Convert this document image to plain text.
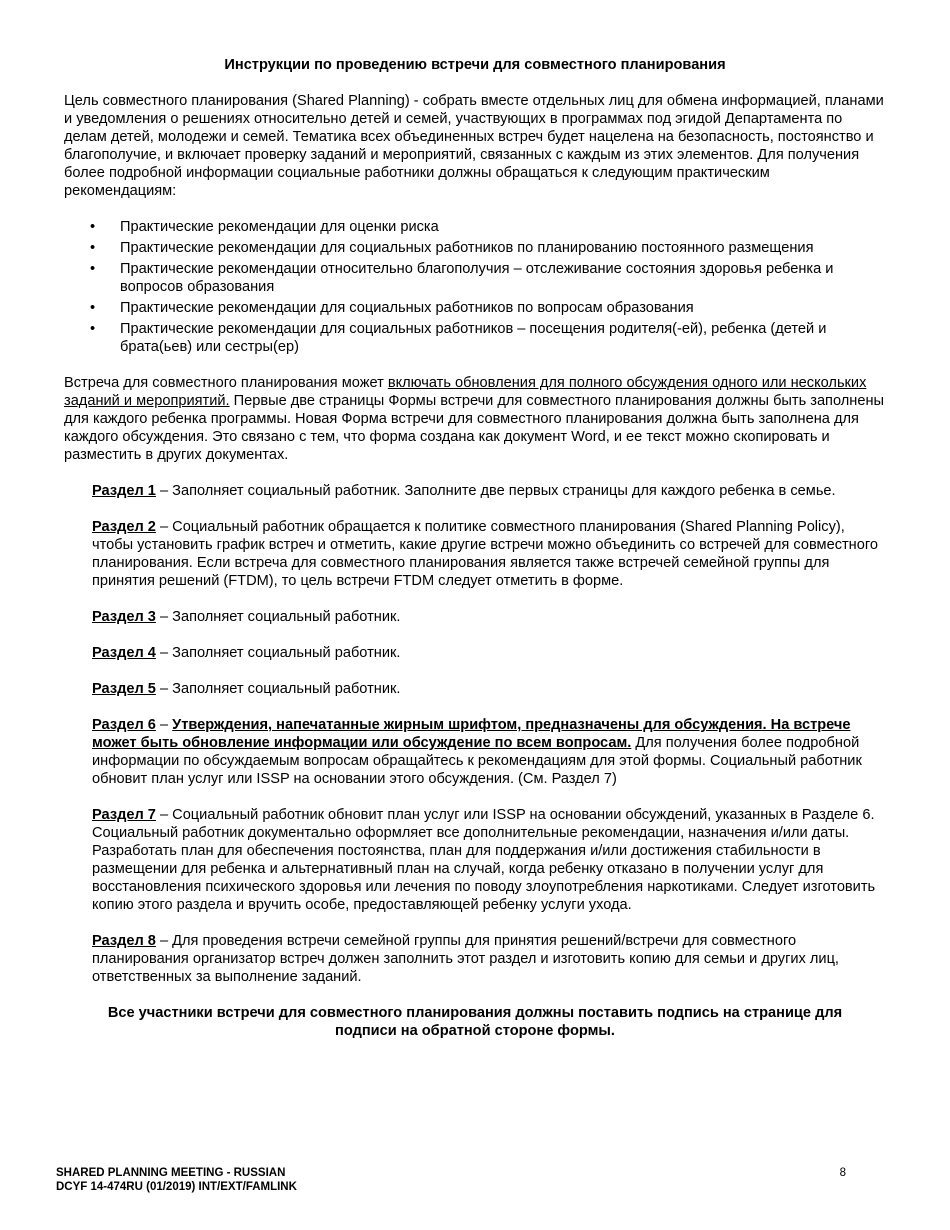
Инструкции по проведению встречи для совместного планирования

Цель совместного планирования (Shared Planning) - собрать вместе отдельных лиц для обмена информацией, планами и уведомления о решениях относительно детей и семей, участвующих в программах под эгидой Департамента по делам детей, молодежи и семей. Тематика всех объединенных встреч будет нацелена на безопасность, постоянство и благополучие, и включает проверку заданий и мероприятий, связанных с каждым из этих элементов. Для получения более подробной информации социальные работники должны обращаться к следующим практическим рекомендациям:

•	Практические рекомендации для оценки риска
•	Практические рекомендации для социальных работников по планированию постоянного размещения
•	Практические рекомендации относительно благополучия – отслеживание состояния здоровья ребенка и вопросов образования
•	Практические рекомендации для социальных работников по вопросам образования
•	Практические рекомендации для социальных работников – посещения родителя(-ей), ребенка (детей и брата(ьев) или сестры(ер)

Встреча для совместного планирования может включать обновления для полного обсуждения одного или нескольких заданий и мероприятий. Первые две страницы Формы встречи для совместного планирования должны быть заполнены для каждого ребенка программы. Новая Форма встречи для совместного планирования должна быть заполнена для каждого обсуждения. Это связано с тем, что форма создана как документ Word, и ее текст можно скопировать и разместить в других документах.

Раздел 1 – Заполняет социальный работник. Заполните две первых страницы для каждого ребенка в семье.

Раздел 2 – Социальный работник обращается к политике совместного планирования (Shared Planning Policy), чтобы установить график встреч и отметить, какие другие встречи можно объединить со встречей для совместного планирования. Если встреча для совместного планирования является также встречей семейной группы для принятия решений (FTDM), то цель встречи FTDM следует отметить в форме.

Раздел 3 – Заполняет социальный работник.

Раздел 4 – Заполняет социальный работник.

Раздел 5 – Заполняет социальный работник.

Раздел 6 – Утверждения, напечатанные жирным шрифтом, предназначены для обсуждения. На встрече может быть обновление информации или обсуждение по всем вопросам. Для получения более подробной информации по обсуждаемым вопросам обращайтесь к рекомендациям для этой формы. Социальный работник обновит план услуг или ISSP на основании этого обсуждения. (См. Раздел 7)

Раздел 7 – Социальный работник обновит план услуг или ISSP на основании обсуждений, указанных в Разделе 6. Социальный работник документально оформляет все дополнительные рекомендации, назначения и/или даты. Разработать план для обеспечения постоянства, план для поддержания и/или достижения стабильности в размещении для ребенка и альтернативный план на случай, когда ребенку отказано в получении услуг для восстановления психического здоровья или лечения по поводу злоупотребления наркотиками. Следует изготовить копию этого раздела и вручить особе, предоставляющей ребенку услуги ухода.

Раздел 8 – Для проведения встречи семейной группы для принятия решений/встречи для совместного планирования организатор встреч должен заполнить этот раздел и изготовить копию для семьи и других лиц, ответственных за выполнение заданий.

Все участники встречи для совместного планирования должны поставить подпись на странице для подписи на обратной стороне формы.

SHARED PLANNING MEETING - RUSSIAN
DCYF 14-474RU (01/2019) INT/EXT/FAMLINK
8
